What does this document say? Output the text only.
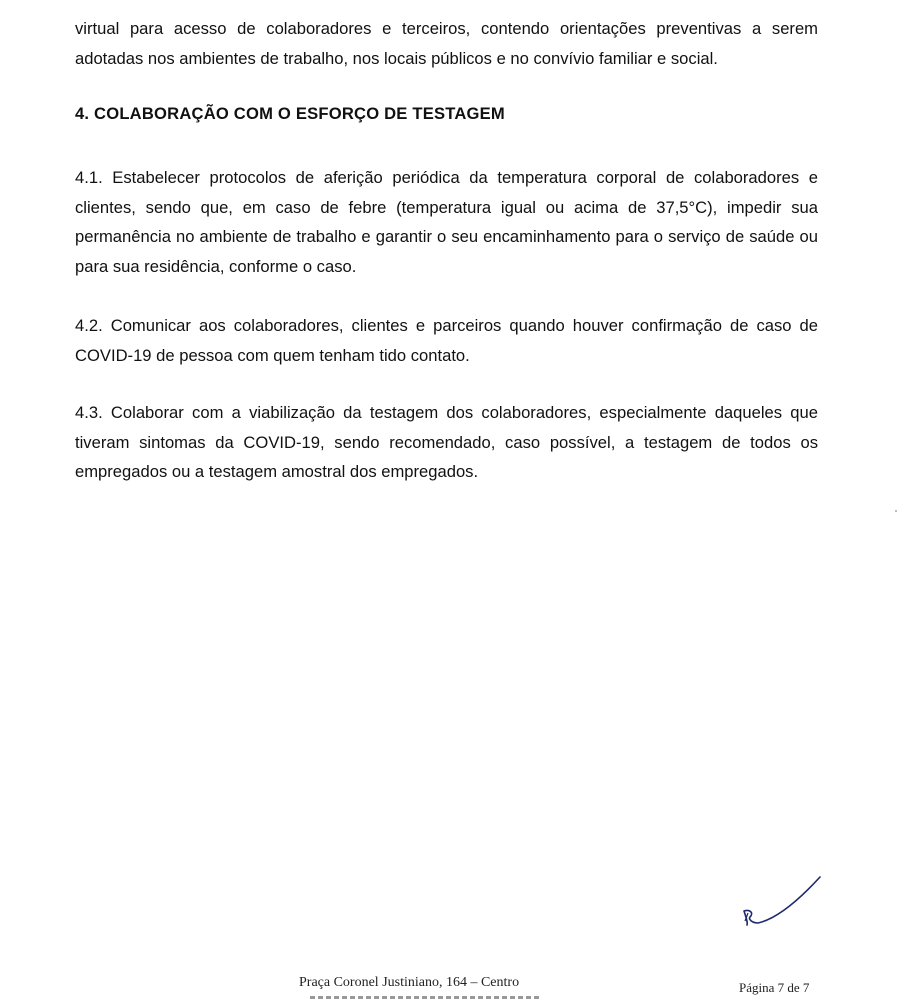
virtual para acesso de colaboradores e terceiros, contendo orientações preventivas a serem adotadas nos ambientes de trabalho, nos locais públicos e no convívio familiar e social.

4. COLABORAÇÃO COM O ESFORÇO DE TESTAGEM

4.1. Estabelecer protocolos de aferição periódica da temperatura corporal de colaboradores e clientes, sendo que, em caso de febre (temperatura igual ou acima de 37,5°C), impedir sua permanência no ambiente de trabalho e garantir o seu encaminhamento para o serviço de saúde ou para sua residência, conforme o caso.

4.2. Comunicar aos colaboradores, clientes e parceiros quando houver confirmação de caso de COVID-19 de pessoa com quem tenham tido contato.

4.3. Colaborar com a viabilização da testagem dos colaboradores, especialmente daqueles que tiveram sintomas da COVID-19, sendo recomendado, caso possível, a testagem de todos os empregados ou a testagem amostral dos empregados.

Praça Coronel Justiniano, 164 – Centro	Página 7 de 7
